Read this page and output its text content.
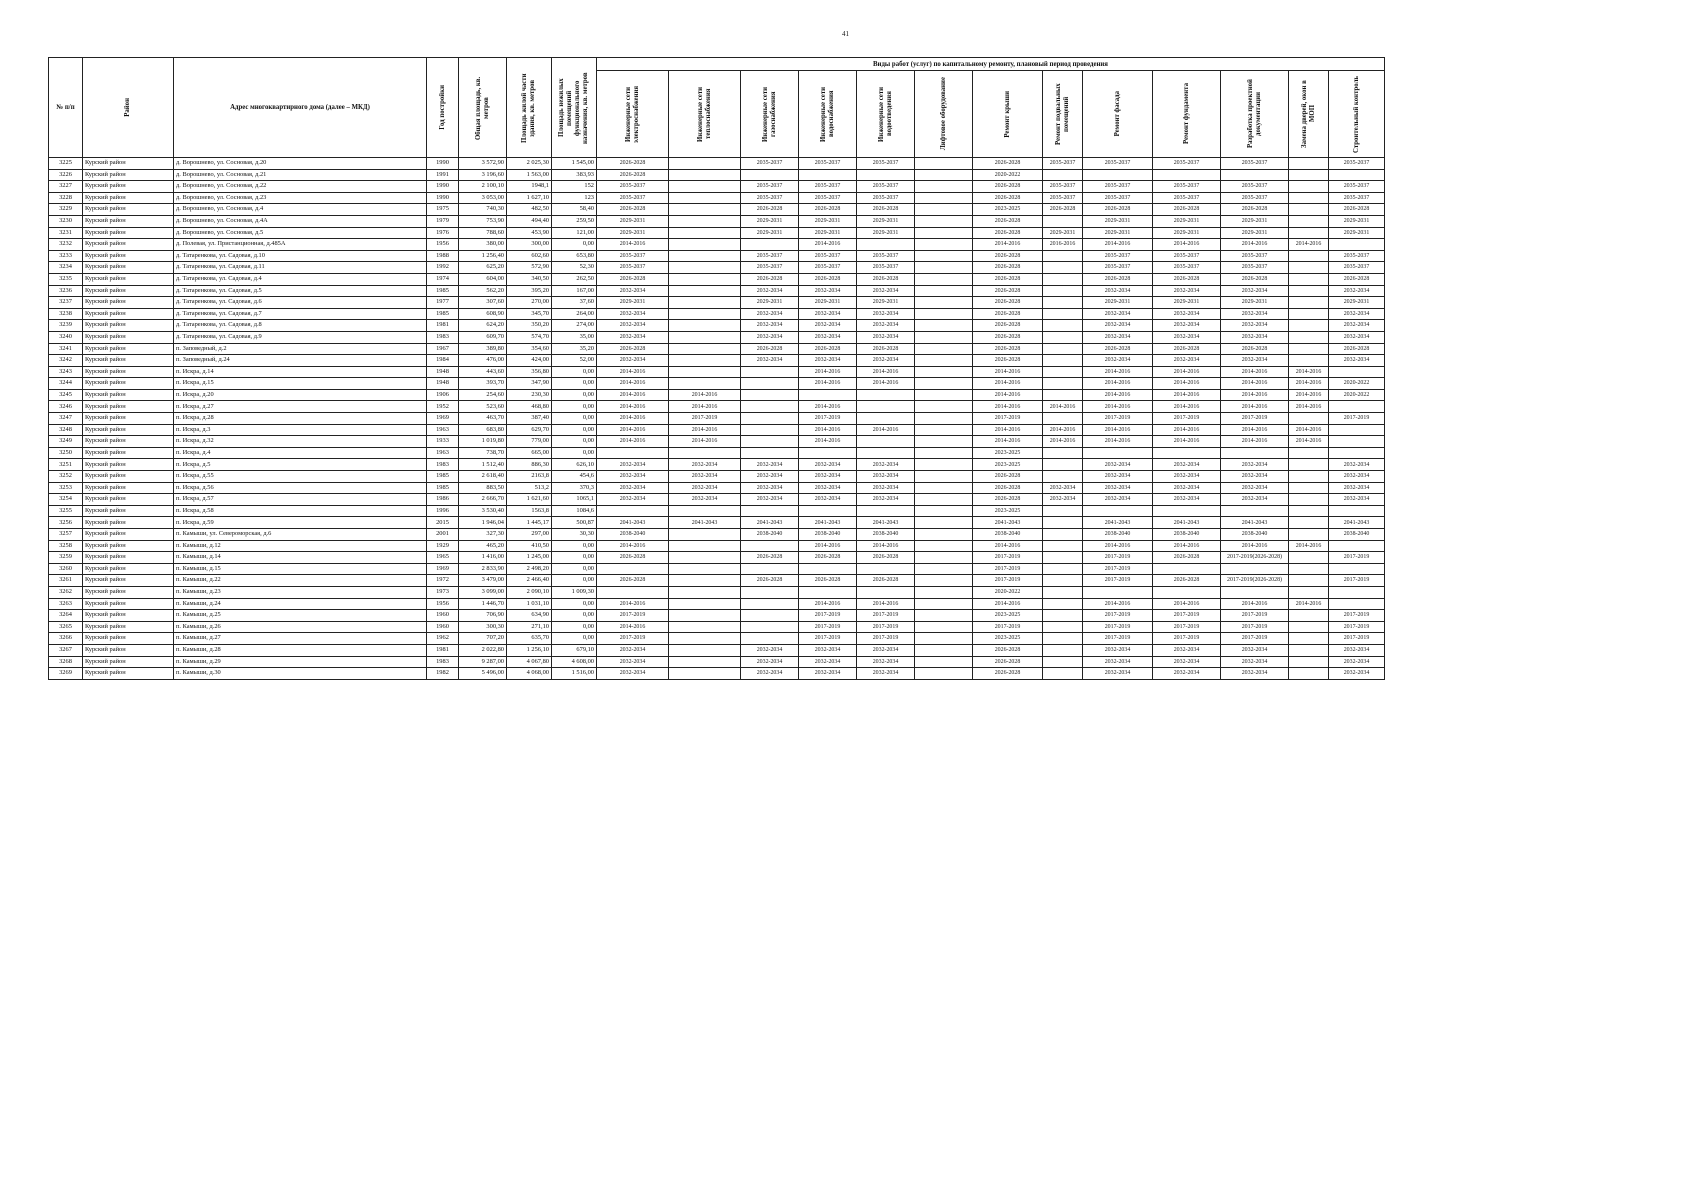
41
№ п/п	Район	Адрес многоквартирного дома (далее – МКД)	Год постройки	Общая площадь, кв. метров	Площадь жилой части здания, кв. метров	Площадь нежилых помещений функционального назначения, кв. метров	Виды работ (услуг) по капитальному ремонту, плановый период проведения												

							Инженерные сети электроснабжения	Инженерные сети теплоснабжения	Инженерные сети газоснабжения	Инженерные сети водоснабжения	Инженерные сети водоотведения	Лифтовое оборудование	Ремонт крыши	Ремонт подвальных помещений	Ремонт фасада	Ремонт фундамента	Разработка проектной документации	Замена дверей, окон в МОП	Строительный контроль

3225	Курский район	д. Ворошнево, ул. Сосновая, д.20	1990	3 572,90	2 025,30	1 545,00	2026-2028		2035-2037	2035-2037	2035-2037		2026-2028	2035-2037	2035-2037	2035-2037	2035-2037		2035-2037
3226	Курский район	д. Ворошнево, ул. Сосновая, д.21	1991	3 196,60	1 563,00	383,93	2026-2028						2020-2022						
3227	Курский район	д. Ворошнево, ул. Сосновая, д.22	1990	2 100,10	1948,1	152	2035-2037		2035-2037	2035-2037	2035-2037		2026-2028	2035-2037	2035-2037	2035-2037	2035-2037		2035-2037
3228	Курский район	д. Ворошнево, ул. Сосновая, д.23	1990	3 053,00	1 627,10	123	2035-2037		2035-2037	2035-2037	2035-2037		2026-2028	2035-2037	2035-2037	2035-2037	2035-2037		2035-2037
3229	Курский район	д. Ворошнево, ул. Сосновая, д.4	1975	740,30	482,50	58,40	2026-2028		2026-2028	2026-2028	2026-2028		2023-2025	2026-2028	2026-2028	2026-2028	2026-2028		2026-2028
3230	Курский район	д. Ворошнево, ул. Сосновая, д.4А	1979	753,90	494,40	259,50	2029-2031		2029-2031	2029-2031	2029-2031		2026-2028		2029-2031	2029-2031	2029-2031		2029-2031
3231	Курский район	д. Ворошнево, ул. Сосновая, д.5	1976	788,60	453,90	121,00	2029-2031		2029-2031	2029-2031	2029-2031		2026-2028	2029-2031	2029-2031	2029-2031	2029-2031		2029-2031
3232	Курский район	д. Полевая, ул. Пристанционная, д.485А	1956	380,00	300,00	0,00	2014-2016			2014-2016			2014-2016	2016-2016	2014-2016	2014-2016	2014-2016	2014-2016	
3233	Курский район	д. Татаренкова, ул. Садовая, д.10	1988	1 256,40	602,60	653,80	2035-2037		2035-2037	2035-2037	2035-2037		2026-2028		2035-2037	2035-2037	2035-2037		2035-2037
3234	Курский район	д. Татаренкова, ул. Садовая, д.11	1992	625,20	572,90	52,30	2035-2037		2035-2037	2035-2037	2035-2037		2026-2028		2035-2037	2035-2037	2035-2037		2035-2037
3235	Курский район	д. Татаренкова, ул. Садовая, д.4	1974	604,00	340,50	262,50	2026-2028		2026-2028	2026-2028	2026-2028		2026-2028		2026-2028	2026-2028	2026-2028		2026-2028
3236	Курский район	д. Татаренкова, ул. Садовая, д.5	1985	562,20	395,20	167,00	2032-2034		2032-2034	2032-2034	2032-2034		2026-2028		2032-2034	2032-2034	2032-2034		2032-2034
3237	Курский район	д. Татаренкова, ул. Садовая, д.6	1977	307,60	270,00	37,60	2029-2031		2029-2031	2029-2031	2029-2031		2026-2028		2029-2031	2029-2031	2029-2031		2029-2031
3238	Курский район	д. Татаренкова, ул. Садовая, д.7	1985	608,90	345,70	264,00	2032-2034		2032-2034	2032-2034	2032-2034		2026-2028		2032-2034	2032-2034	2032-2034		2032-2034
3239	Курский район	д. Татаренкова, ул. Садовая, д.8	1981	624,20	350,20	274,00	2032-2034		2032-2034	2032-2034	2032-2034		2026-2028		2032-2034	2032-2034	2032-2034		2032-2034
3240	Курский район	д. Татаренкова, ул. Садовая, д.9	1983	609,70	574,70	35,00	2032-2034		2032-2034	2032-2034	2032-2034		2026-2028		2032-2034	2032-2034	2032-2034		2032-2034
3241	Курский район	п. Заповедный, д.2	1967	389,80	354,60	35,20	2026-2028		2026-2028	2026-2028	2026-2028		2026-2028		2026-2028	2026-2028	2026-2028		2026-2028
3242	Курский район	п. Заповедный, д.24	1984	476,00	424,00	52,00	2032-2034		2032-2034	2032-2034	2032-2034		2026-2028		2032-2034	2032-2034	2032-2034		2032-2034
3243	Курский район	п. Искра, д.14	1948	443,60	356,80	0,00	2014-2016			2014-2016	2014-2016		2014-2016		2014-2016	2014-2016	2014-2016	2014-2016	
3244	Курский район	п. Искра, д.15	1948	393,70	347,90	0,00	2014-2016			2014-2016	2014-2016		2014-2016		2014-2016	2014-2016	2014-2016	2014-2016	2020-2022
3245	Курский район	п. Искра, д.20	1906	254,60	230,30	0,00	2014-2016	2014-2016					2014-2016		2014-2016	2014-2016	2014-2016	2014-2016	2020-2022
3246	Курский район	п. Искра, д.27	1952	523,60	468,80	0,00	2014-2016	2014-2016		2014-2016			2014-2016	2014-2016	2014-2016	2014-2016	2014-2016	2014-2016	
3247	Курский район	п. Искра, д.28	1969	463,70	387,40	0,00	2014-2016	2017-2019		2017-2019			2017-2019		2017-2019	2017-2019	2017-2019		2017-2019
3248	Курский район	п. Искра, д.3	1963	683,80	629,70	0,00	2014-2016	2014-2016		2014-2016	2014-2016		2014-2016	2014-2016	2014-2016	2014-2016	2014-2016	2014-2016	
3249	Курский район	п. Искра, д.32	1933	1 019,80	779,00	0,00	2014-2016	2014-2016		2014-2016			2014-2016	2014-2016	2014-2016	2014-2016	2014-2016	2014-2016	
3250	Курский район	п. Искра, д.4	1963	738,70	665,00	0,00							2023-2025						
3251	Курский район	п. Искра, д.5	1983	1 512,40	886,30	626,10	2032-2034	2032-2034	2032-2034	2032-2034	2032-2034		2023-2025		2032-2034	2032-2034	2032-2034		2032-2034
3252	Курский район	п. Искра, д.55	1985	2 618,40	2163,8	454,6	2032-2034	2032-2034	2032-2034	2032-2034	2032-2034		2026-2028		2032-2034	2032-2034	2032-2034		2032-2034
3253	Курский район	п. Искра, д.56	1985	883,50	513,2	370,3	2032-2034	2032-2034	2032-2034	2032-2034	2032-2034		2026-2028	2032-2034	2032-2034	2032-2034	2032-2034		2032-2034
3254	Курский район	п. Искра, д.57	1986	2 666,70	1 621,60	1065,1	2032-2034	2032-2034	2032-2034	2032-2034	2032-2034		2026-2028	2032-2034	2032-2034	2032-2034	2032-2034		2032-2034
3255	Курский район	п. Искра, д.58	1996	3 530,40	1563,8	1084,6							2023-2025						
3256	Курский район	п. Искра, д.59	2015	1 946,04	1 445,17	500,87	2041-2043	2041-2043	2041-2043	2041-2043	2041-2043		2041-2043		2041-2043	2041-2043	2041-2043		2041-2043
3257	Курский район	п. Камыши, ул. Североморская, д.6	2001	327,30	297,00	30,30	2038-2040		2038-2040	2038-2040	2038-2040		2038-2040		2038-2040	2038-2040	2038-2040		2038-2040
3258	Курский район	п. Камыши, д.12	1929	465,20	410,50	0,00	2014-2016			2014-2016	2014-2016		2014-2016		2014-2016	2014-2016	2014-2016	2014-2016	
3259	Курский район	п. Камыши, д.14	1965	1 416,00	1 245,00	0,00	2026-2028		2026-2028	2026-2028	2026-2028		2017-2019		2017-2019	2026-2028	2017-2019(2026-2028)		2017-2019
3260	Курский район	п. Камыши, д.15	1969	2 833,90	2 498,20	0,00							2017-2019		2017-2019				
3261	Курский район	п. Камыши, д.22	1972	3 479,00	2 466,40	0,00	2026-2028		2026-2028	2026-2028	2026-2028		2017-2019		2017-2019	2026-2028	2017-2019(2026-2028)		2017-2019
3262	Курский район	п. Камыши, д.23	1973	3 099,00	2 090,10	1 009,30							2020-2022						
3263	Курский район	п. Камыши, д.24	1956	1 446,70	1 031,10	0,00	2014-2016			2014-2016	2014-2016		2014-2016		2014-2016	2014-2016	2014-2016	2014-2016	
3264	Курский район	п. Камыши, д.25	1960	706,90	634,90	0,00	2017-2019			2017-2019	2017-2019		2023-2025		2017-2019	2017-2019	2017-2019		2017-2019
3265	Курский район	п. Камыши, д.26	1960	300,30	271,10	0,00	2014-2016			2017-2019	2017-2019		2017-2019		2017-2019	2017-2019	2017-2019		2017-2019
3266	Курский район	п. Камыши, д.27	1962	707,20	635,70	0,00	2017-2019			2017-2019	2017-2019		2023-2025		2017-2019	2017-2019	2017-2019		2017-2019
3267	Курский район	п. Камыши, д.28	1981	2 022,80	1 256,10	679,10	2032-2034		2032-2034	2032-2034	2032-2034		2026-2028		2032-2034	2032-2034	2032-2034		2032-2034
3268	Курский район	п. Камыши, д.29	1983	9 287,00	4 067,80	4 608,00	2032-2034		2032-2034	2032-2034	2032-2034		2026-2028		2032-2034	2032-2034	2032-2034		2032-2034
3269	Курский район	п. Камыши, д.30	1982	5 496,00	4 068,00	1 516,00	2032-2034		2032-2034	2032-2034	2032-2034		2026-2028		2032-2034	2032-2034	2032-2034		2032-2034
